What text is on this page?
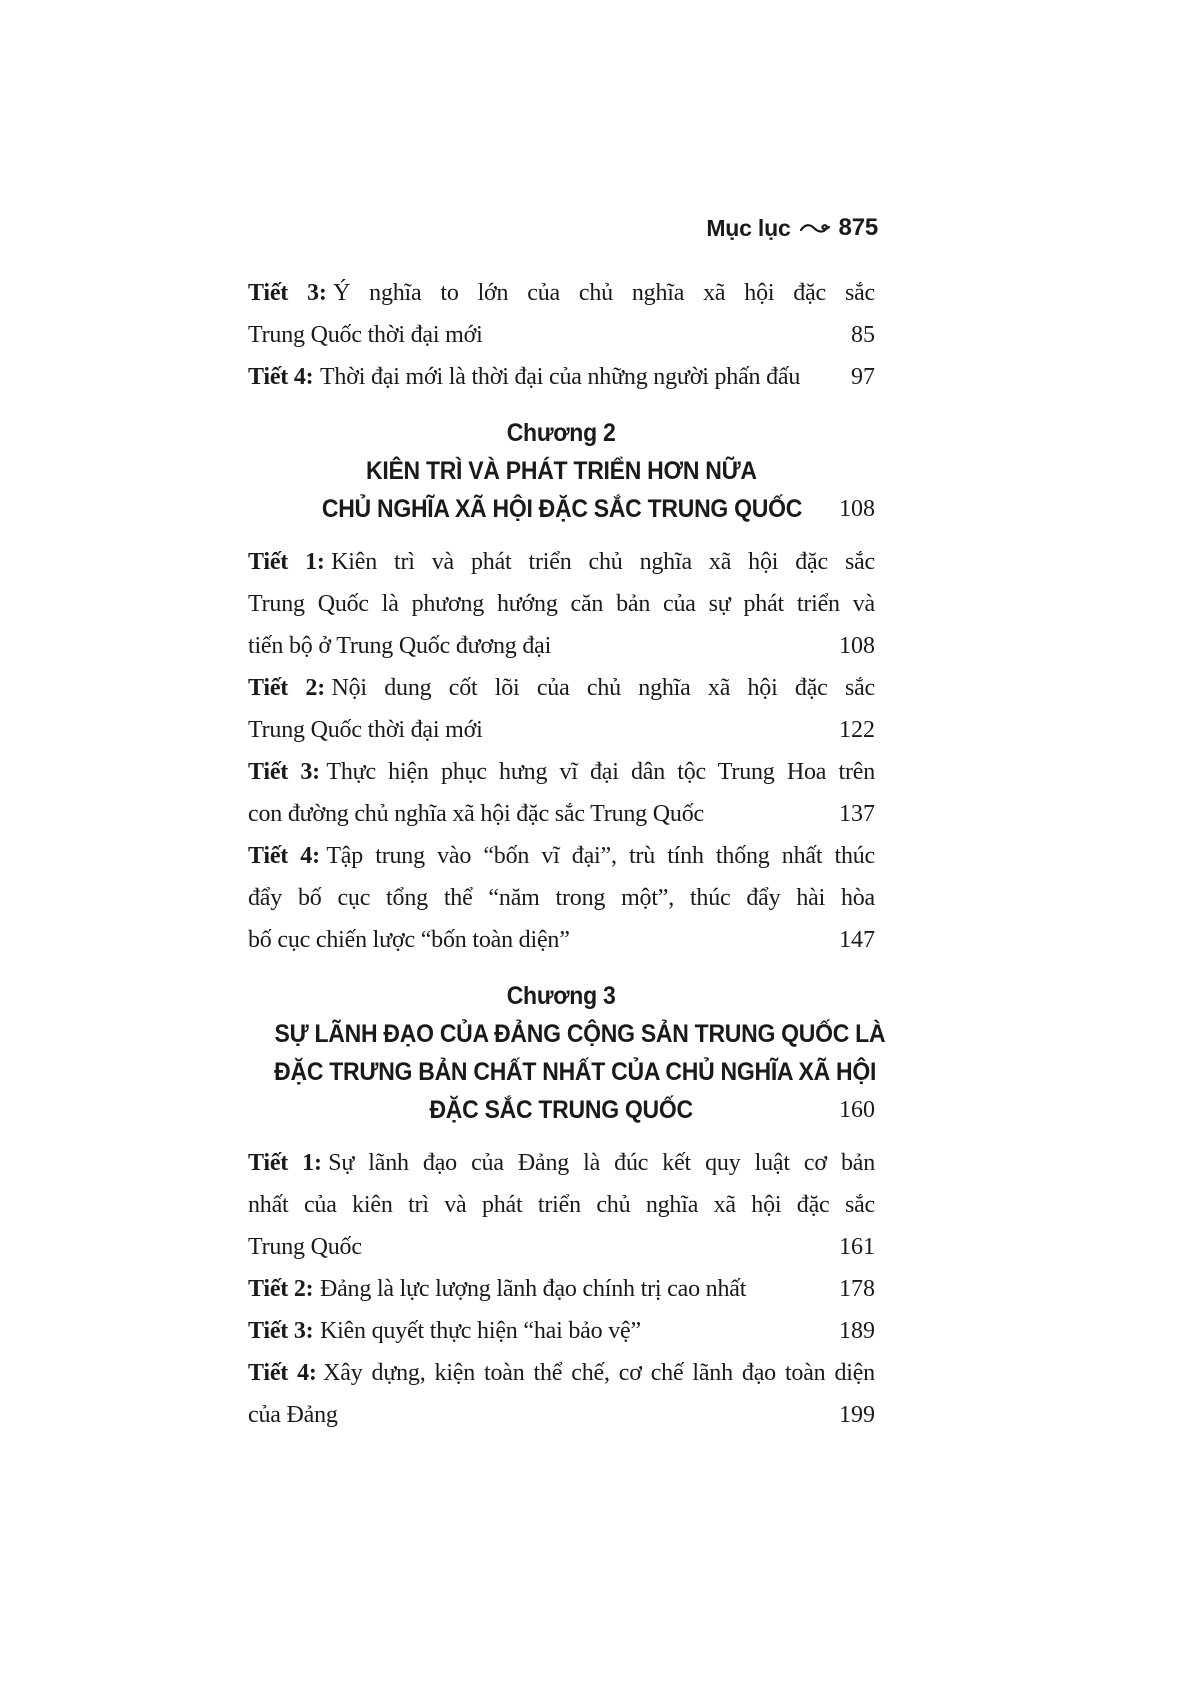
Mục lục 875
Tiết 3: Ý nghĩa to lớn của chủ nghĩa xã hội đặc sắc
Trung Quốc thời đại mới	85
Tiết 4: Thời đại mới là thời đại của những người phấn đấu 97
Chương 2
KIÊN TRÌ VÀ PHÁT TRIỂN HƠN NỮA
CHỦ NGHĨA XÃ HỘI ĐẶC SẮC TRUNG QUỐC 108
Tiết 1: Kiên trì và phát triển chủ nghĩa xã hội đặc sắc
Trung Quốc là phương hướng căn bản của sự phát triển và
tiến bộ ở Trung Quốc đương đại	108
Tiết 2: Nội dung cốt lõi của chủ nghĩa xã hội đặc sắc
Trung Quốc thời đại mới	122
Tiết 3: Thực hiện phục hưng vĩ đại dân tộc Trung Hoa trên
con đường chủ nghĩa xã hội đặc sắc Trung Quốc	137
Tiết 4: Tập trung vào “bốn vĩ đại”, trù tính thống nhất thúc
đẩy bố cục tổng thể “năm trong một”, thúc đẩy hài hòa
bố cục chiến lược “bốn toàn diện”	147
Chương 3
SỰ LÃNH ĐẠO CỦA ĐẢNG CỘNG SẢN TRUNG QUỐC LÀ
ĐẶC TRƯNG BẢN CHẤT NHẤT CỦA CHỦ NGHĨA XÃ HỘI
ĐẶC SẮC TRUNG QUỐC	160
Tiết 1: Sự lãnh đạo của Đảng là đúc kết quy luật cơ bản
nhất của kiên trì và phát triển chủ nghĩa xã hội đặc sắc
Trung Quốc	161
Tiết 2: Đảng là lực lượng lãnh đạo chính trị cao nhất	178
Tiết 3: Kiên quyết thực hiện “hai bảo vệ”	189
Tiết 4: Xây dựng, kiện toàn thể chế, cơ chế lãnh đạo toàn diện
của Đảng	199
